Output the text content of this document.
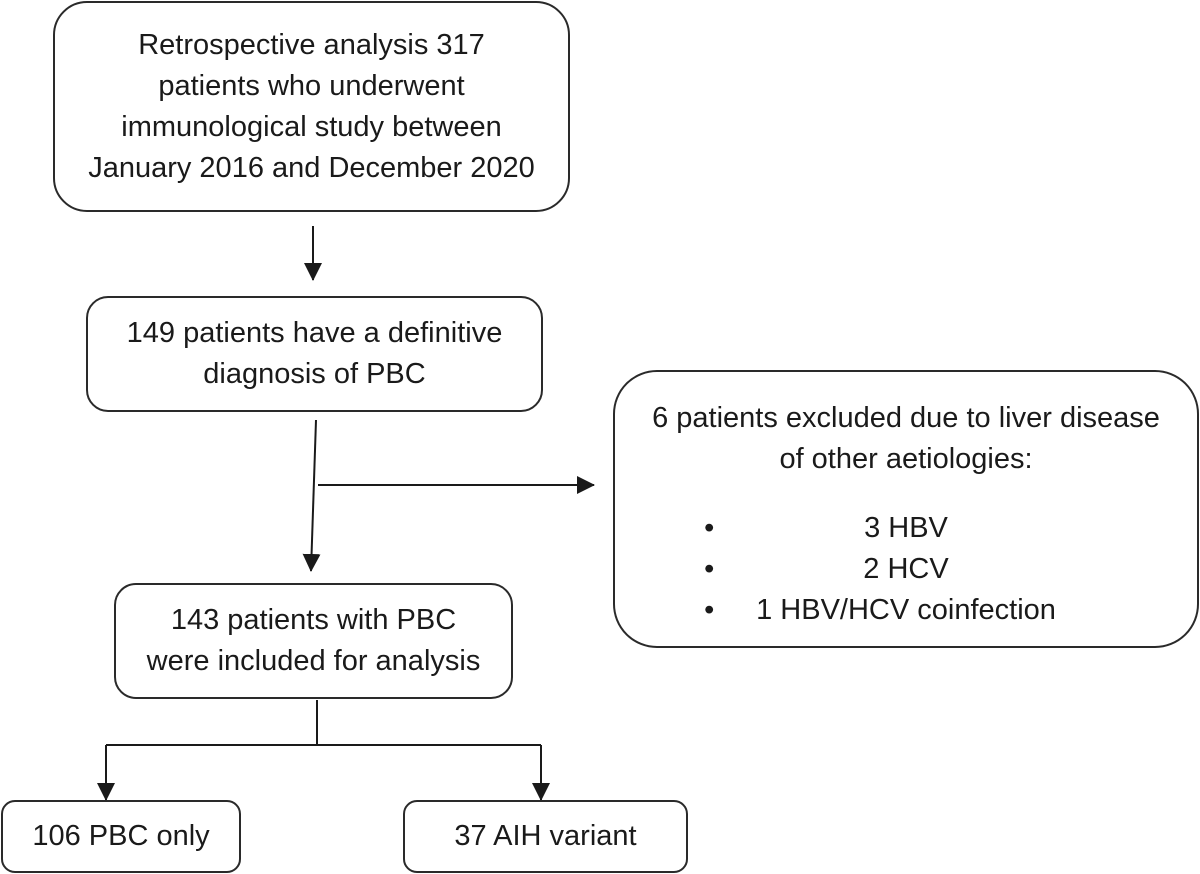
Retrospective analysis 317
patients who underwent
immunological study between
January 2016 and December 2020
149 patients have a definitive
diagnosis of PBC
6 patients excluded due to liver disease
of other aetiologies:
•	3 HBV
•	2 HCV
• 1 HBV/HCV coinfection
143 patients with PBC
were included for analysis
106 PBC only	37 AIH variant
